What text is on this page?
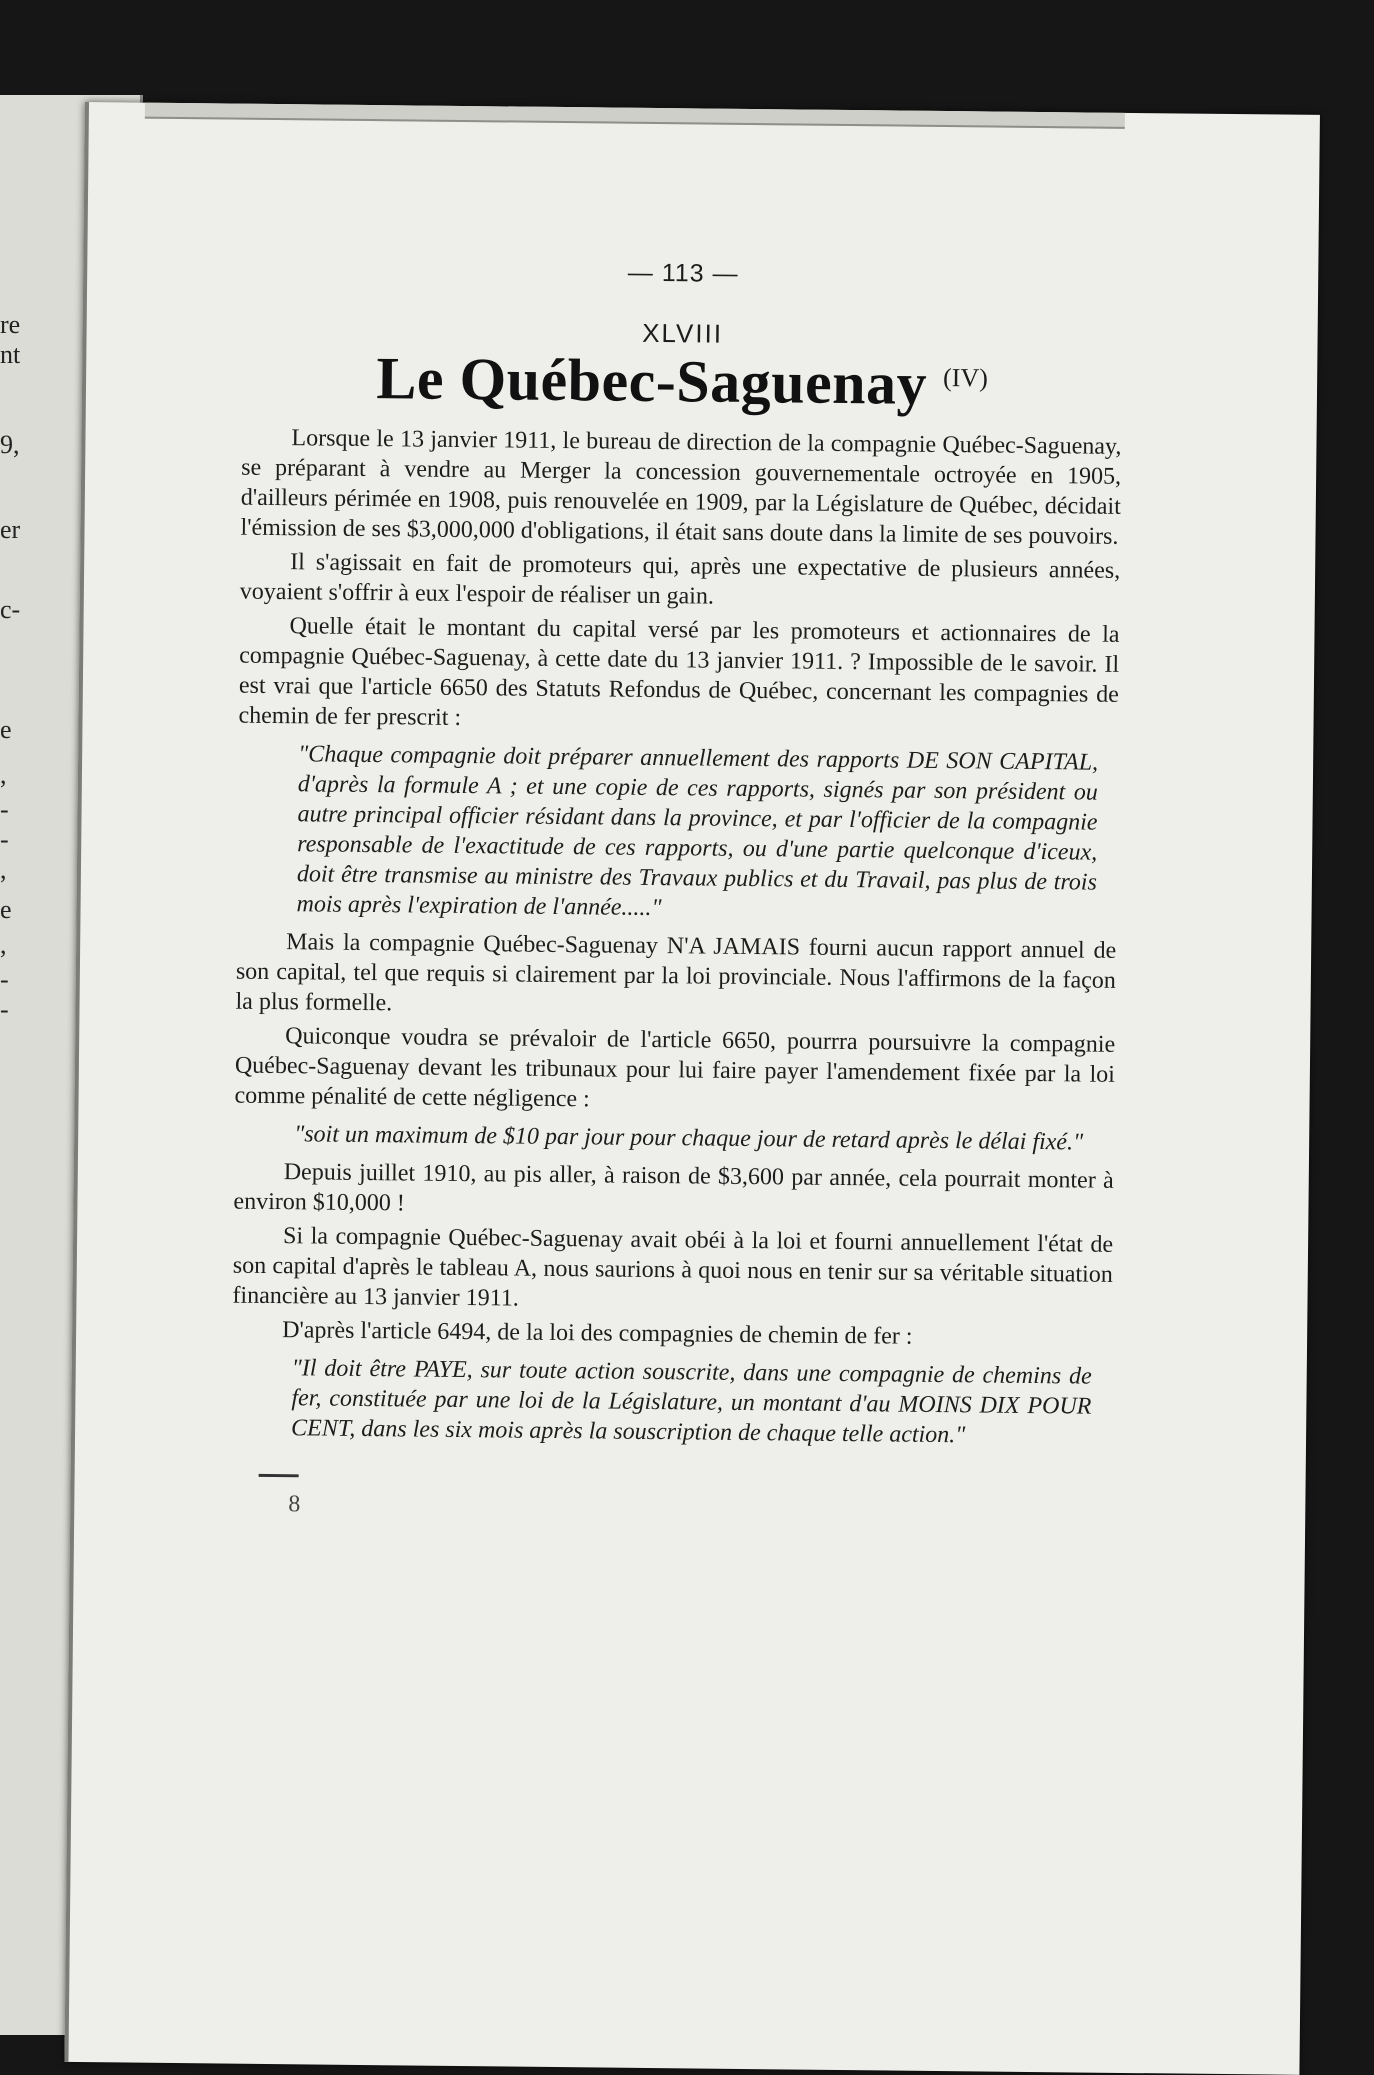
re
nt
9,
er
c-
e
,
-
-
,
e
,
-
-
— 113 —
XLVIII
Le Québec-Saguenay (IV)

Lorsque le 13 janvier 1911, le bureau de direction de la compagnie Québec-Saguenay, se préparant à vendre au Merger la concession gouvernementale octroyée en 1905, d'ailleurs périmée en 1908, puis renouvelée en 1909, par la Législature de Québec, décidait l'émission de ses $3,000,000 d'obligations, il était sans doute dans la limite de ses pouvoirs.

Il s'agissait en fait de promoteurs qui, après une expectative de plusieurs années, voyaient s'offrir à eux l'espoir de réaliser un gain.

Quelle était le montant du capital versé par les promoteurs et actionnaires de la compagnie Québec-Saguenay, à cette date du 13 janvier 1911. ? Impossible de le savoir. Il est vrai que l'article 6650 des Statuts Refondus de Québec, concernant les compagnies de chemin de fer prescrit :

"Chaque compagnie doit préparer annuellement des rapports DE SON CAPITAL, d'après la formule A ; et une copie de ces rapports, signés par son président ou autre principal officier résidant dans la province, et par l'officier de la compagnie responsable de l'exactitude de ces rapports, ou d'une partie quelconque d'iceux, doit être transmise au ministre des Travaux publics et du Travail, pas plus de trois mois après l'expiration de l'année....."

Mais la compagnie Québec-Saguenay N'A JAMAIS fourni aucun rapport annuel de son capital, tel que requis si clairement par la loi provinciale. Nous l'affirmons de la façon la plus formelle.

Quiconque voudra se prévaloir de l'article 6650, pourrra poursuivre la compagnie Québec-Saguenay devant les tribunaux pour lui faire payer l'amendement fixée par la loi comme pénalité de cette négligence :

"soit un maximum de $10 par jour pour chaque jour de retard après le délai fixé."

Depuis juillet 1910, au pis aller, à raison de $3,600 par année, cela pourrait monter à environ $10,000 !

Si la compagnie Québec-Saguenay avait obéi à la loi et fourni annuellement l'état de son capital d'après le tableau A, nous saurions à quoi nous en tenir sur sa véritable situation financière au 13 janvier 1911.

D'après l'article 6494, de la loi des compagnies de chemin de fer :

"Il doit être PAYE, sur toute action souscrite, dans une compagnie de chemins de fer, constituée par une loi de la Législature, un montant d'au MOINS DIX POUR CENT, dans les six mois après la souscription de chaque telle action."

8
